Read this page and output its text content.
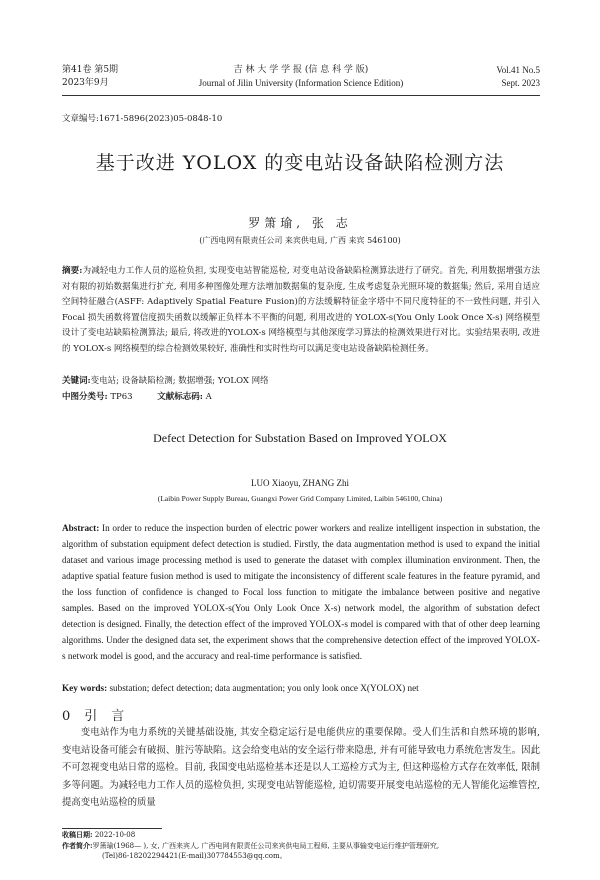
第41卷 第5期
2023年9月
吉 林 大 学 学 报 (信 息 科 学 版)
Journal of Jilin University (Information Science Edition)
Vol.41 No.5
Sept. 2023
文章编号:1671-5896(2023)05-0848-10
基于改进 YOLOX 的变电站设备缺陷检测方法
罗箫瑜, 张 志
(广西电网有限责任公司 来宾供电局, 广西 来宾 546100)
摘要:为减轻电力工作人员的巡检负担, 实现变电站智能巡检, 对变电站设备缺陷检测算法进行了研究。首先, 利用数据增强方法对有限的初始数据集进行扩充, 利用多种图像处理方法增加数据集的复杂度, 生成考虑复杂光照环境的数据集; 然后, 采用自适应空间特征融合(ASFF: Adaptively Spatial Feature Fusion)的方法缓解特征金字塔中不同尺度特征的不一致性问题, 并引入 Focal 损失函数将置信度损失函数以缓解正负样本不平衡的问题, 利用改进的 YOLOX-s(You Only Look Once X-s) 网络模型设计了变电站缺陷检测算法; 最后, 将改进的YOLOX-s 网络模型与其他深度学习算法的检测效果进行对比。实验结果表明, 改进的 YOLOX-s 网络模型的综合检测效果较好, 准确性和实时性均可以满足变电站设备缺陷检测任务。
关键词:变电站; 设备缺陷检测; 数据增强; YOLOX 网络
中图分类号: TP63	文献标志码: A
Defect Detection for Substation Based on Improved YOLOX
LUO Xiaoyu, ZHANG Zhi
(Laibin Power Supply Bureau, Guangxi Power Grid Company Limited, Laibin 546100, China)
Abstract: In order to reduce the inspection burden of electric power workers and realize intelligent inspection in substation, the algorithm of substation equipment defect detection is studied. Firstly, the data augmentation method is used to expand the initial dataset and various image processing method is used to generate the dataset with complex illumination environment. Then, the adaptive spatial feature fusion method is used to mitigate the inconsistency of different scale features in the feature pyramid, and the loss function of confidence is changed to Focal loss function to mitigate the imbalance between positive and negative samples. Based on the improved YOLOX-s(You Only Look Once X-s) network model, the algorithm of substation defect detection is designed. Finally, the detection effect of the improved YOLOX-s model is compared with that of other deep learning algorithms. Under the designed data set, the experiment shows that the comprehensive detection effect of the improved YOLOX-s network model is good, and the accuracy and real-time performance is satisfied.
Key words: substation; defect detection; data augmentation; you only look once X(YOLOX) net
0 引言
变电站作为电力系统的关键基础设施, 其安全稳定运行是电能供应的重要保障。受人们生活和自然环境的影响, 变电站设备可能会有破损、脏污等缺陷。这会给变电站的安全运行带来隐患, 并有可能导致电力系统危害发生。因此不可忽视变电站日常的巡检。目前, 我国变电站巡检基本还是以人工巡检方式为主, 但这种巡检方式存在效率低, 限制多等问题。为减轻电力工作人员的巡检负担, 实现变电站智能巡检, 迫切需要开展变电站巡检的无人智能化运维管控, 提高变电站巡检的质量
收稿日期: 2022-10-08
作者简介:罗箫瑜(1968— ), 女, 广西来宾人, 广西电网有限责任公司来宾供电局工程师, 主要从事输变电运行维护管理研究,
(Tel)86-18202294421(E-mail)307784553@qq.com。
